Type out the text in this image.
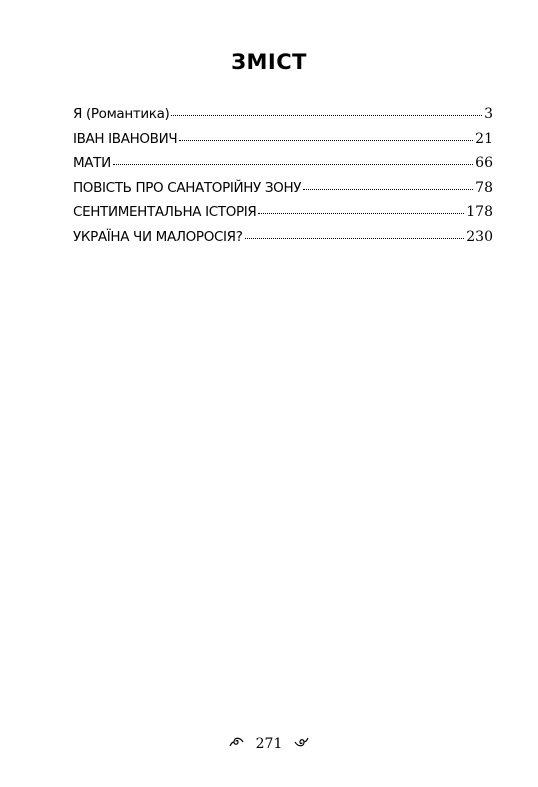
ЗМІСТ
Я (Романтика)	3
ІВАН ІВАНОВИЧ	21
МАТИ	66
ПОВІСТЬ ПРО САНАТОРІЙНУ ЗОНУ	78
СЕНТИМЕНТАЛЬНА ІСТОРІЯ	178
УКРАЇНА ЧИ МАЛОРОСІЯ?	230
271
